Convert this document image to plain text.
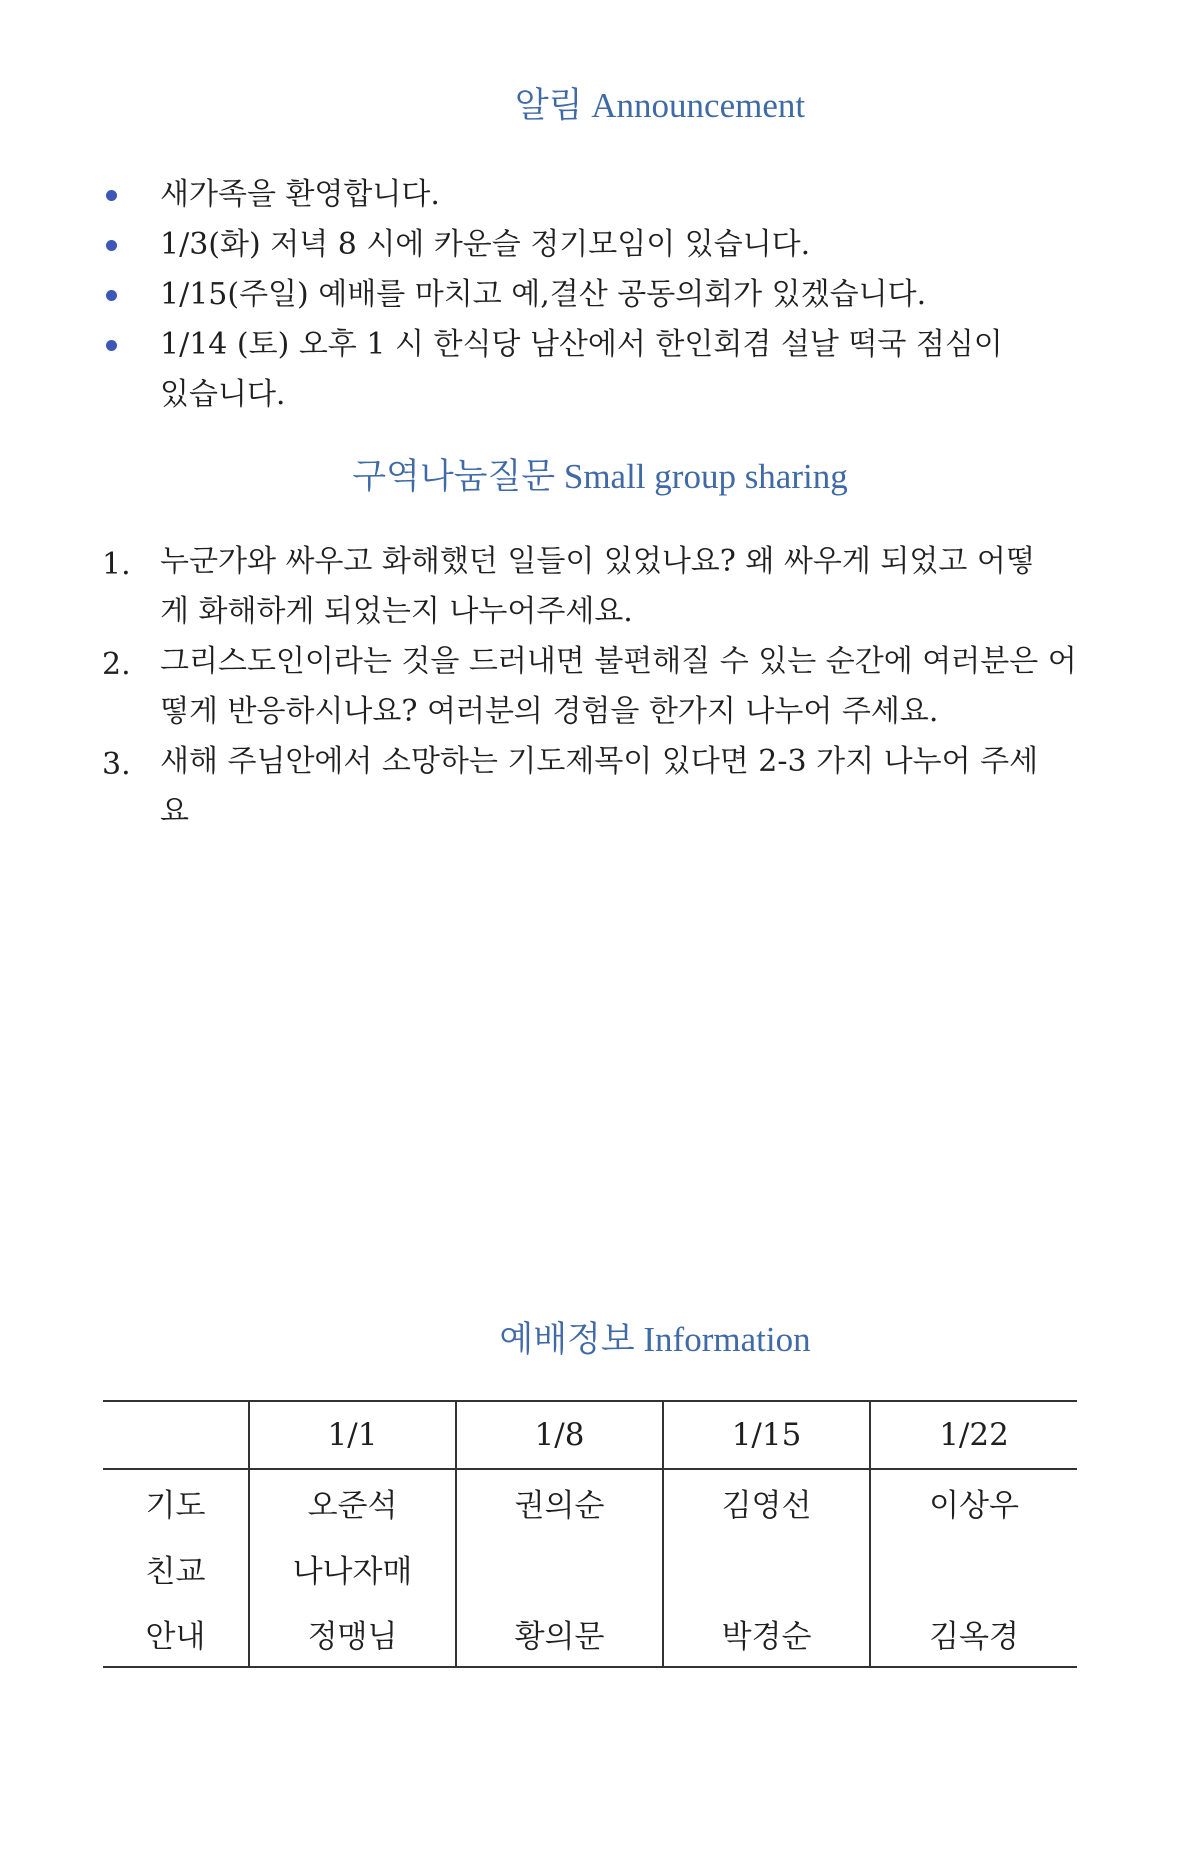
알림 Announcement
새가족을 환영합니다.
1/3(화) 저녁 8 시에 카운슬 정기모임이 있습니다.
1/15(주일) 예배를 마치고 예,결산 공동의회가 있겠습니다.
1/14 (토) 오후 1 시 한식당 남산에서 한인회겸 설날 떡국 점심이 있습니다.
구역나눔질문 Small group sharing
1. 누군가와 싸우고 화해했던 일들이 있었나요? 왜 싸우게 되었고 어떻게 화해하게 되었는지 나누어주세요.
2. 그리스도인이라는 것을 드러내면 불편해질 수 있는 순간에 여러분은 어떻게 반응하시나요? 여러분의 경험을 한가지 나누어 주세요.
3. 새해 주님안에서 소망하는 기도제목이 있다면 2-3 가지 나누어 주세요
예배정보 Information
	1/1	1/8	1/15	1/22
기도	오준석	권의순	김영선	이상우
친교	나나자매			
안내	정맹님	황의문	박경순	김옥경
